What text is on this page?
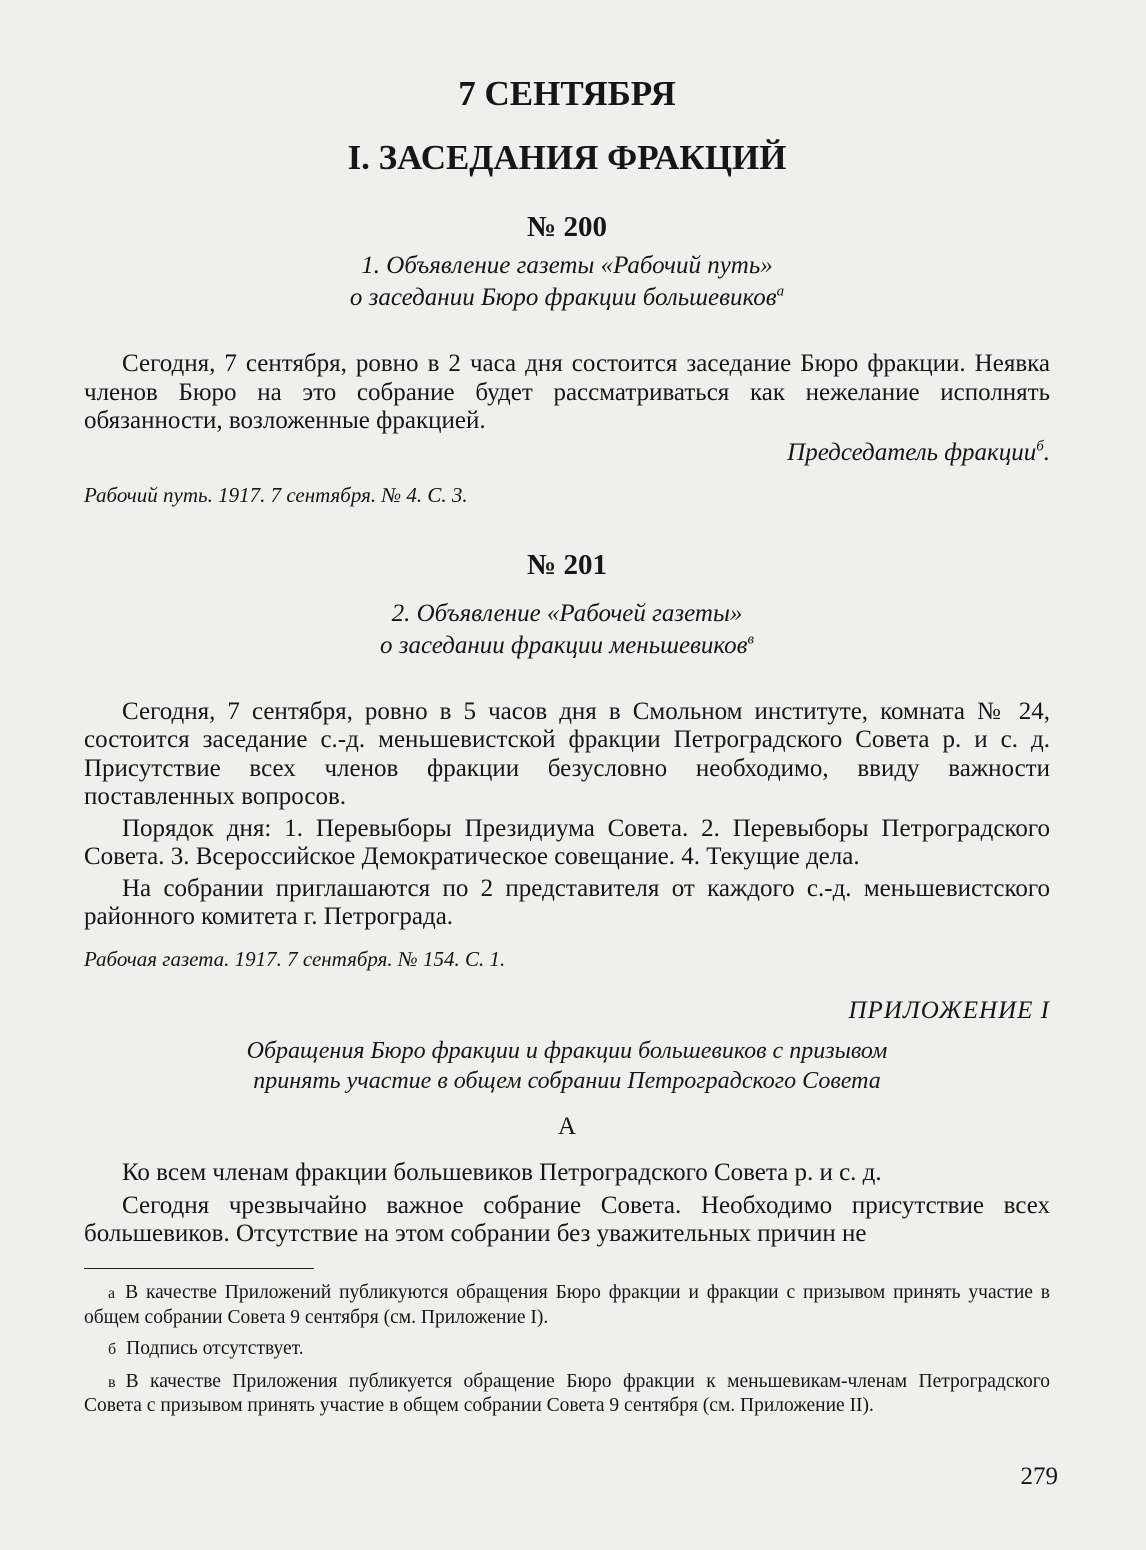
7 СЕНТЯБРЯ
I. ЗАСЕДАНИЯ ФРАКЦИЙ
№ 200

1. Объявление газеты «Рабочий путь»

о заседании Бюро фракции большевиков$^а$

Сегодня, 7 сентября, ровно в 2 часа дня состоится заседание Бюро фракции. Неявка членов Бюро на это собрание будет рассматриваться как нежелание исполнять обязанности, возложенные фракцией.

Председатель фракции$^б$.

Рабочий путь. 1917. 7 сентября. № 4. С. 3.

№ 201

2. Объявление «Рабочей газеты»

о заседании фракции меньшевиков$^в$

Сегодня, 7 сентября, ровно в 5 часов дня в Смольном институте, комната № 24, состоится заседание с.-д. меньшевистской фракции Петроградского Совета р. и с. д. Присутствие всех членов фракции безусловно необходимо, ввиду важности поставленных вопросов.

Порядок дня: 1. Перевыборы Президиума Совета. 2. Перевыборы Петроградского Совета. 3. Всероссийское Демократическое совещание. 4. Текущие дела.

На собрании приглашаются по 2 представителя от каждого с.-д. меньшевистского районного комитета г. Петрограда.

Рабочая газета. 1917. 7 сентября. № 154. С. 1.

ПРИЛОЖЕНИЕ I

Обращения Бюро фракции и фракции большевиков с призывом

принять участие в общем собрании Петроградского Совета

А

Ко всем членам фракции большевиков Петроградского Совета р. и с. д.

Сегодня чрезвычайно важное собрание Совета. Необходимо присутствие всех большевиков. Отсутствие на этом собрании без уважительных причин не

а В качестве Приложений публикуются обращения Бюро фракции и фракции с призывом принять участие в общем собрании Совета 9 сентября (см. Приложение I).

б Подпись отсутствует.

в В качестве Приложения публикуется обращение Бюро фракции к меньшевикам-членам Петроградского Совета с призывом принять участие в общем собрании Совета 9 сентября (см. Приложение II).

279
